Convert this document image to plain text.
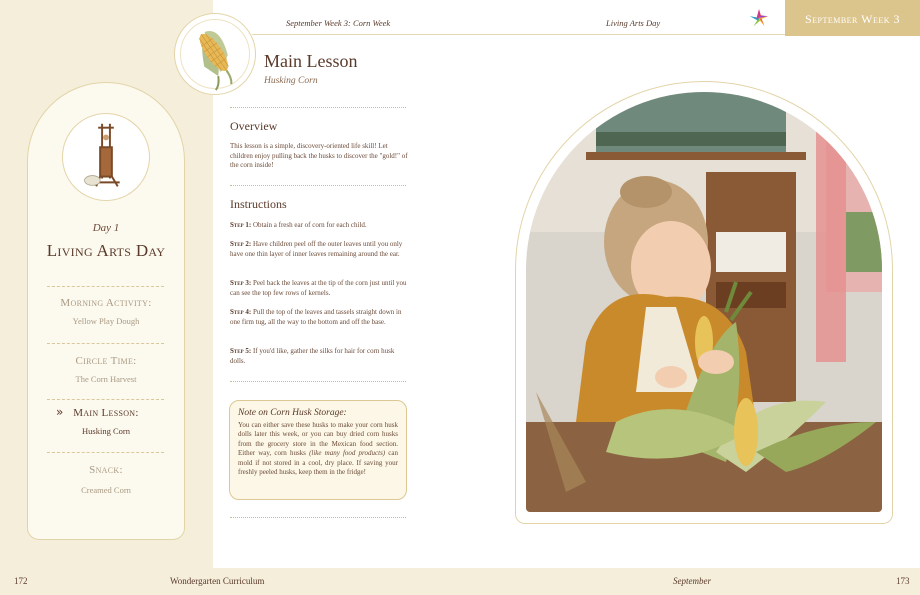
September Week 3: Corn Week	Living Arts Day	September Week 3
Day 1
Living Arts Day
Morning Activity:
Yellow Play Dough
Circle Time:
The Corn Harvest
» Main Lesson:
Husking Corn
Snack:
Creamed Corn
Main Lesson
Husking Corn
Overview
This lesson is a simple, discovery-oriented life skill! Let children enjoy pulling back the husks to discover the "gold!" of the corn inside!
Instructions
Step 1: Obtain a fresh ear of corn for each child.
Step 2: Have children peel off the outer leaves until you only have one thin layer of inner leaves remaining around the ear.
Step 3: Peel back the leaves at the tip of the corn just until you can see the top few rows of kernels.
Step 4: Pull the top of the leaves and tassels straight down in one firm tug, all the way to the bottom and off the base.
Step 5: If you'd like, gather the silks for hair for corn husk dolls.
Note on Corn Husk Storage:
You can either save these husks to make your corn husk dolls later this week, or you can buy dried corn husks from the grocery store in the Mexican food section. Either way, corn husks (like many food products) can mold if not stored in a cool, dry place. If saving your freshly peeled husks, keep them in the fridge!
172	Wondergarten Curriculum	September	173
